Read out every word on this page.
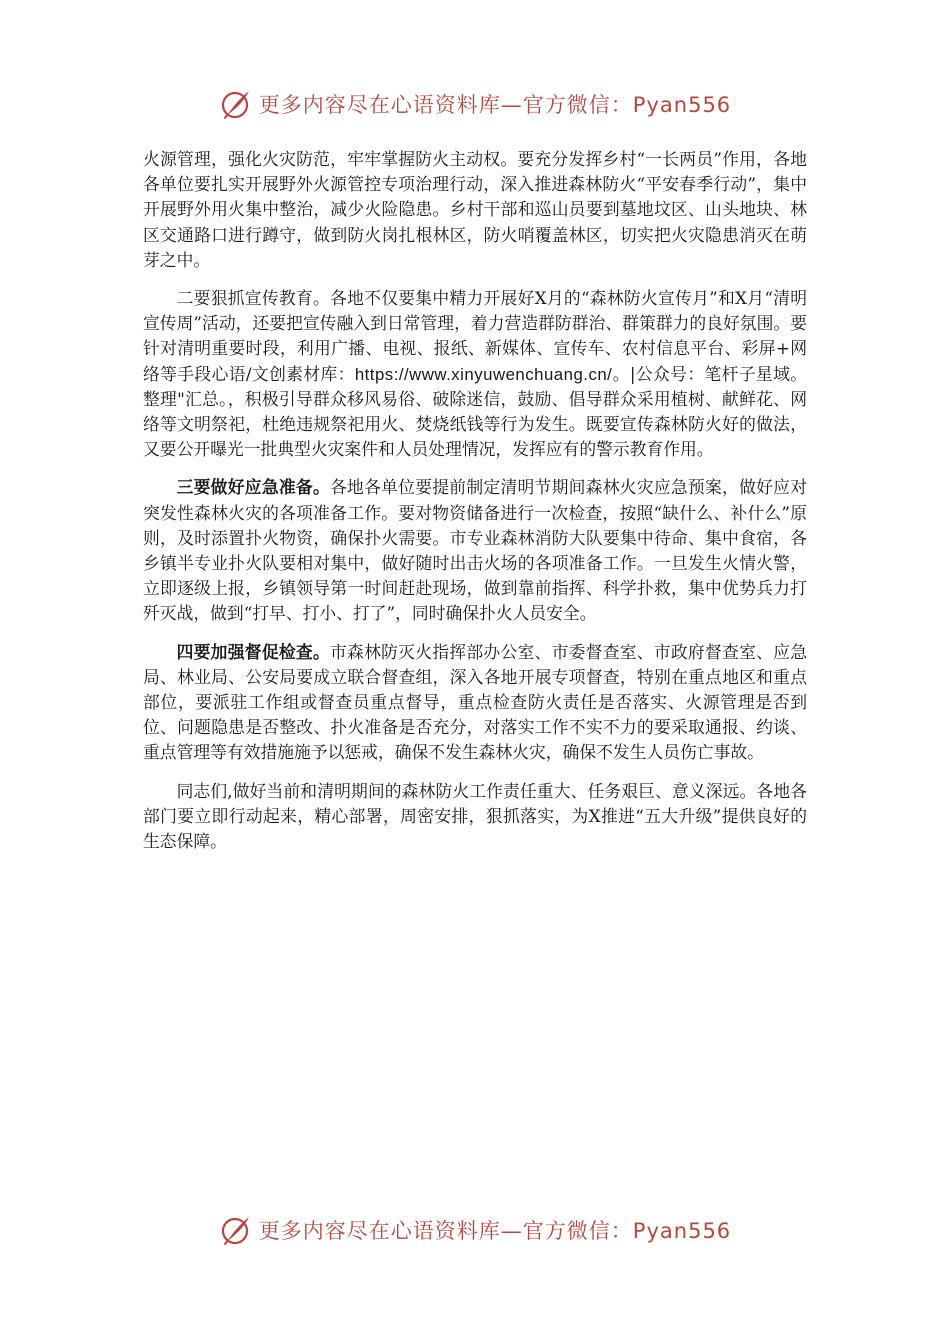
更多内容尽在心语资料库—官方微信：Pyan556

火源管理，强化火灾防范，牢牢掌握防火主动权。要充分发挥乡村“一长两员”作用，各地各单位要扎实开展野外火源管控专项治理行动，深入推进森林防火“平安春季行动”，集中开展野外用火集中整治，减少火险隐患。乡村干部和巡山员要到墓地坟区、山头地块、林区交通路口进行蹲守，做到防火岗扎根林区，防火哨覆盖林区，切实把火灾隐患消灭在萌芽之中。

二要狠抓宣传教育。各地不仅要集中精力开展好X月的“森林防火宣传月”和X月“清明宣传周”活动，还要把宣传融入到日常管理，着力营造群防群治、群策群力的良好氛围。要针对清明重要时段，利用广播、电视、报纸、新媒体、宣传车、农村信息平台、彩屏+网络等手段心语/文创素材库：https://www.xinyuwenchuang.cn/。|公众号：笔杆子星域。整理"汇总。，积极引导群众移风易俗、破除迷信，鼓励、倡导群众采用植树、献鲜花、网络等文明祭祀，杜绝违规祭祀用火、焚烧纸钱等行为发生。既要宣传森林防火好的做法，又要公开曝光一批典型火灾案件和人员处理情况，发挥应有的警示教育作用。

三要做好应急准备。各地各单位要提前制定清明节期间森林火灾应急预案，做好应对突发性森林火灾的各项准备工作。要对物资储备进行一次检查，按照“缺什么、补什么”原则，及时添置扑火物资，确保扑火需要。市专业森林消防大队要集中待命、集中食宿，各乡镇半专业扑火队要相对集中，做好随时出击火场的各项准备工作。一旦发生火情火警，立即逐级上报，乡镇领导第一时间赶赴现场，做到靠前指挥、科学扑救，集中优势兵力打歼灭战，做到“打早、打小、打了”，同时确保扑火人员安全。

四要加强督促检查。市森林防灭火指挥部办公室、市委督查室、市政府督查室、应急局、林业局、公安局要成立联合督查组，深入各地开展专项督查，特别在重点地区和重点部位，要派驻工作组或督查员重点督导，重点检查防火责任是否落实、火源管理是否到位、问题隐患是否整改、扑火准备是否充分，对落实工作不实不力的要采取通报、约谈、重点管理等有效措施施予以惩戒，确保不发生森林火灾，确保不发生人员伤亡事故。

同志们,做好当前和清明期间的森林防火工作责任重大、任务艰巨、意义深远。各地各部门要立即行动起来，精心部署，周密安排，狠抓落实，为X推进“五大升级”提供良好的生态保障。

更多内容尽在心语资料库—官方微信：Pyan556
